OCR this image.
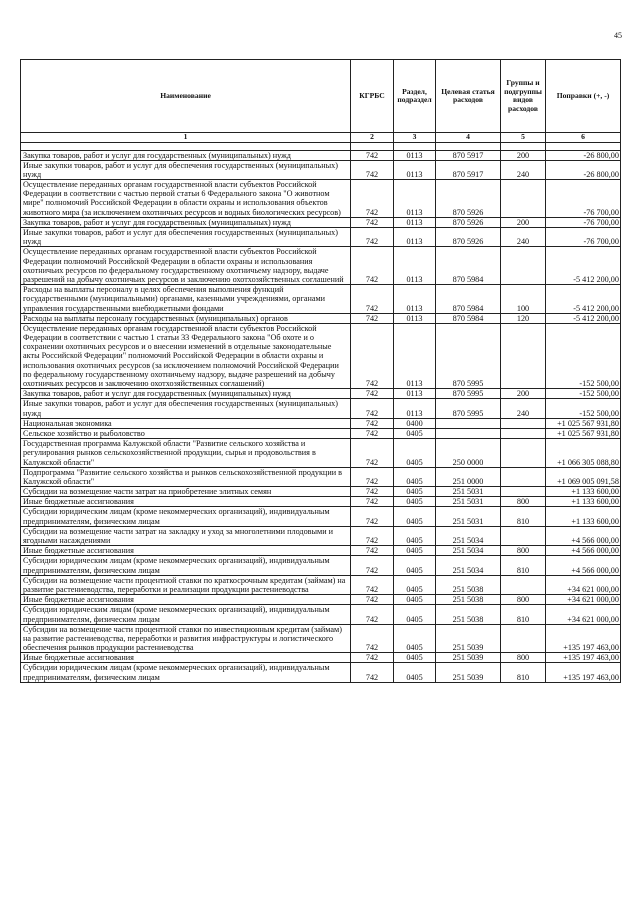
45
Наименование	КГРБС	Раздел, подраздел	Целевая статья расходов	Группы и подгруппы видов расходов	Поправки (+, -)
1	2	3	4	5	6

Закупка товаров, работ и услуг для государственных (муниципальных) нужд	742	0113	870 5917	200	-26 800,00
Иные закупки товаров, работ и услуг для обеспечения государственных (муниципальных) нужд	742	0113	870 5917	240	-26 800,00
Осуществление переданных органам государственной власти субъектов Российской Федерации в соответствии с частью первой статьи 6 Федерального закона "О животном мире" полномочий Российской Федерации в области охраны и использования объектов животного мира (за исключением охотничьих ресурсов и водных биологических ресурсов)	742	0113	870 5926		-76 700,00
Закупка товаров, работ и услуг для государственных (муниципальных) нужд	742	0113	870 5926	200	-76 700,00
Иные закупки товаров, работ и услуг для обеспечения государственных (муниципальных) нужд	742	0113	870 5926	240	-76 700,00
Осуществление переданных органам государственной власти субъектов Российской Федерации полномочий Российской Федерации в области охраны и использования охотничьих ресурсов по федеральному государственному охотничьему надзору, выдаче разрешений на добычу охотничьих ресурсов и заключению охотхозяйственных соглашений	742	0113	870 5984		-5 412 200,00
Расходы на выплаты персоналу в целях обеспечения выполнения функций государственными (муниципальными) органами, казенными учреждениями, органами управления государственными внебюджетными фондами	742	0113	870 5984	100	-5 412 200,00
Расходы на выплаты персоналу государственных (муниципальных) органов	742	0113	870 5984	120	-5 412 200,00
Осуществление переданных органам государственной власти субъектов Российской Федерации в соответствии с частью 1 статьи 33 Федерального закона "Об охоте и о сохранении охотничьих ресурсов и о внесении изменений в отдельные законодательные акты Российской Федерации" полномочий Российской Федерации в области охраны и использования охотничьих ресурсов (за исключением полномочий Российской Федерации по федеральному государственному охотничьему надзору, выдаче разрешений на добычу охотничьих ресурсов и заключению охотхозяйственных соглашений)	742	0113	870 5995		-152 500,00
Закупка товаров, работ и услуг для государственных (муниципальных) нужд	742	0113	870 5995	200	-152 500,00
Иные закупки товаров, работ и услуг для обеспечения государственных (муниципальных) нужд	742	0113	870 5995	240	-152 500,00
Национальная экономика	742	0400			+1 025 567 931,80
Сельское хозяйство и рыболовство	742	0405			+1 025 567 931,80
Государственная программа Калужской области "Развитие сельского хозяйства и регулирования рынков сельскохозяйственной продукции, сырья и продовольствия в Калужской области"	742	0405	250 0000		+1 066 305 088,80
Подпрограмма "Развитие сельского хозяйства и рынков сельскохозяйственной продукции в Калужской области"	742	0405	251 0000		+1 069 005 091,58
Субсидии на возмещение части затрат на приобретение элитных семян	742	0405	251 5031		+1 133 600,00
Иные бюджетные ассигнования	742	0405	251 5031	800	+1 133 600,00
Субсидии юридическим лицам (кроме некоммерческих организаций), индивидуальным предпринимателям, физическим лицам	742	0405	251 5031	810	+1 133 600,00
Субсидии на возмещение части затрат на закладку и уход за многолетними плодовыми и ягодными насаждениями	742	0405	251 5034		+4 566 000,00
Иные бюджетные ассигнования	742	0405	251 5034	800	+4 566 000,00
Субсидии юридическим лицам (кроме некоммерческих организаций), индивидуальным предпринимателям, физическим лицам	742	0405	251 5034	810	+4 566 000,00
Субсидии на возмещение части процентной ставки по краткосрочным кредитам (займам) на развитие растениеводства, переработки и реализации продукции растениеводства	742	0405	251 5038		+34 621 000,00
Иные бюджетные ассигнования	742	0405	251 5038	800	+34 621 000,00
Субсидии юридическим лицам (кроме некоммерческих организаций), индивидуальным предпринимателям, физическим лицам	742	0405	251 5038	810	+34 621 000,00
Субсидии на возмещение части процентной ставки по инвестиционным кредитам (займам) на развитие растениеводства, переработки и развития инфраструктуры и логистического обеспечения рынков продукции растениеводства	742	0405	251 5039		+135 197 463,00
Иные бюджетные ассигнования	742	0405	251 5039	800	+135 197 463,00
Субсидии юридическим лицам (кроме некоммерческих организаций), индивидуальным предпринимателям, физическим лицам	742	0405	251 5039	810	+135 197 463,00
